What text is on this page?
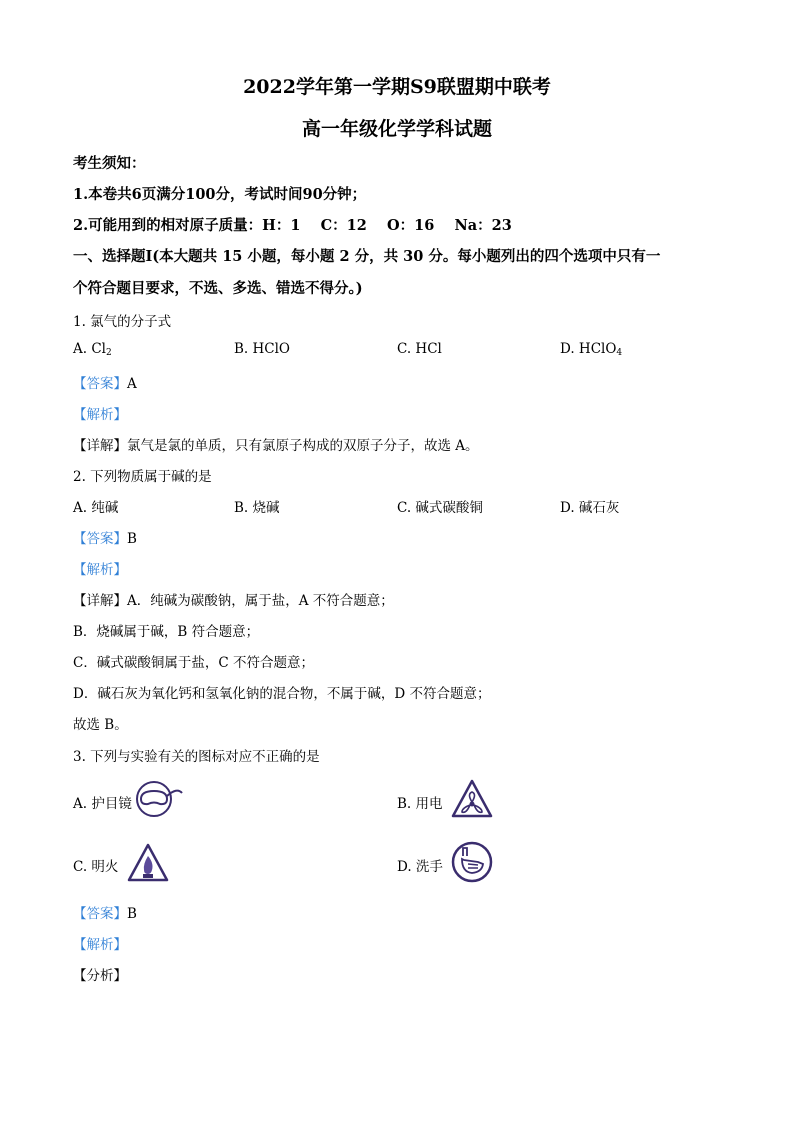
2022学年第一学期S9联盟期中联考
高一年级化学学科试题
考生须知：
1.本卷共6页满分100分，考试时间90分钟；
2.可能用到的相对原子质量：H：1    C：12    O：16    Na：23
一、选择题I(本大题共 15 小题，每小题 2 分，共 30 分。每小题列出的四个选项中只有一
个符合题目要求，不选、多选、错选不得分。)
1. 氯气的分子式
A. $Cl_2$	B. HClO	C. HCl	D. HClO$_4$
【答案】A
【解析】
【详解】氯气是氯的单质，只有氯原子构成的双原子分子，故选 A。
2. 下列物质属于碱的是
A. 纯碱	B. 烧碱	C. 碱式碳酸铜	D. 碱石灰
【答案】B
【解析】
【详解】A．纯碱为碳酸钠，属于盐，A 不符合题意；
B．烧碱属于碱，B 符合题意；
C．碱式碳酸铜属于盐，C 不符合题意；
D．碱石灰为氧化钙和氢氧化钠的混合物，不属于碱，D 不符合题意；
故选 B。
3. 下列与实验有关的图标对应不正确的是
A. 护目镜	B. 用电
C. 明火	D. 洗手
【答案】B
【解析】
【分析】
